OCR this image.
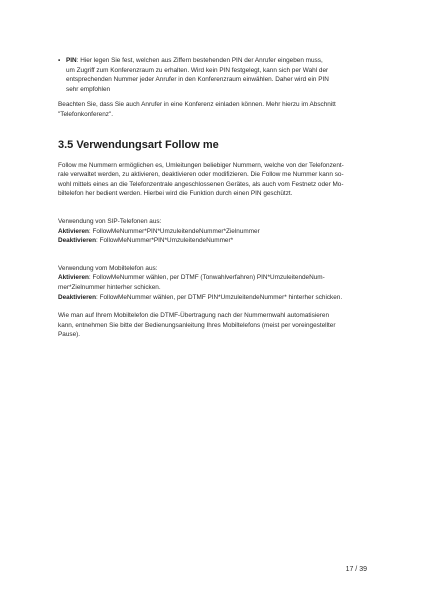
▪ PIN: Hier legen Sie fest, welchen aus Ziffern bestehenden PIN der Anrufer eingeben muss,
um Zugriff zum Konferenzraum zu erhalten. Wird kein PIN festgelegt, kann sich per Wahl der
entsprechenden Nummer jeder Anrufer in den Konferenzraum einwählen. Daher wird ein PIN
sehr empfohlen
Beachten Sie, dass Sie auch Anrufer in eine Konferenz einladen können. Mehr hierzu im Abschnitt
"Telefonkonferenz".
3.5 Verwendungsart Follow me
Follow me Nummern ermöglichen es, Umleitungen beliebiger Nummern, welche von der Telefonzent-
rale verwaltet werden, zu aktivieren, deaktivieren oder modifizieren. Die Follow me Nummer kann so-
wohl mittels eines an die Telefonzentrale angeschlossenen Gerätes, als auch vom Festnetz oder Mo-
biltelefon her bedient werden. Hierbei wird die Funktion durch einen PIN geschützt.
Verwendung von SIP-Telefonen aus:
Aktivieren: FollowMeNummer*PIN*UmzuleitendeNummer*Zielnummer
Deaktivieren: FollowMeNummer*PIN*UmzuleitendeNummer*
Verwendung vom Mobiltelefon aus:
Aktivieren: FollowMeNummer wählen, per DTMF (Tonwahlverfahren) PIN*UmzuleitendeNum-
mer*Zielnummer hinterher schicken.
Deaktivieren: FollowMeNummer wählen, per DTMF PIN*UmzuleitendeNummer* hinterher schicken.
Wie man auf Ihrem Mobiltelefon die DTMF-Übertragung nach der Nummernwahl automatisieren
kann, entnehmen Sie bitte der Bedienungsanleitung Ihres Mobiltelefons (meist per voreingestellter
Pause).
17 / 39
